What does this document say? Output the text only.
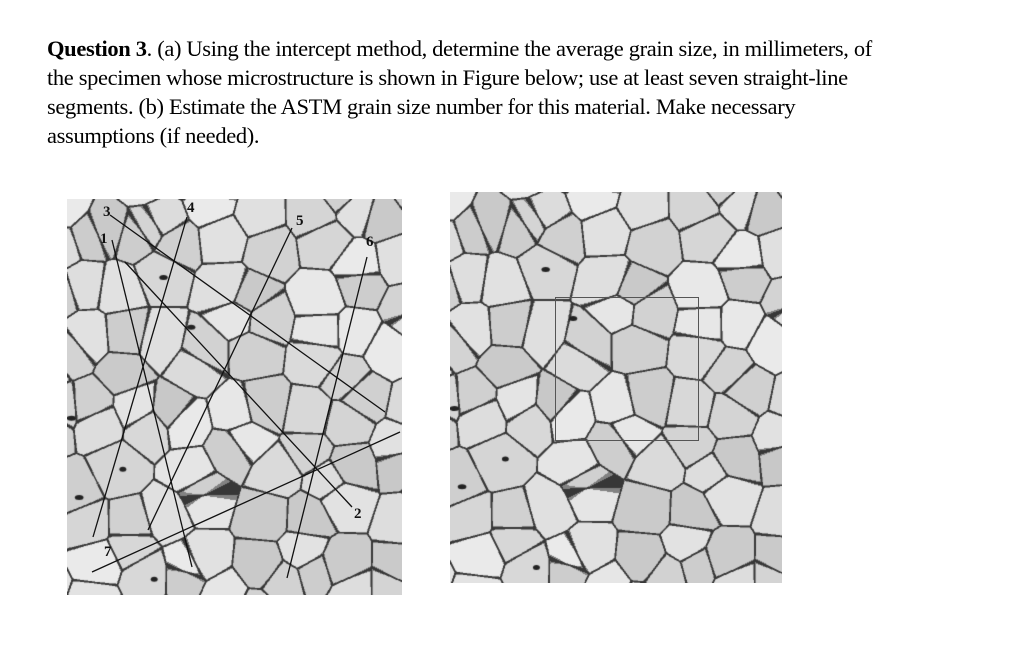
Question 3. (a) Using the intercept method, determine the average grain size, in millimeters, of
the specimen whose microstructure is shown in Figure below; use at least seven straight-line
segments. (b) Estimate the ASTM grain size number for this material. Make necessary
assumptions (if needed).
3
1
4
5
6
2
7
